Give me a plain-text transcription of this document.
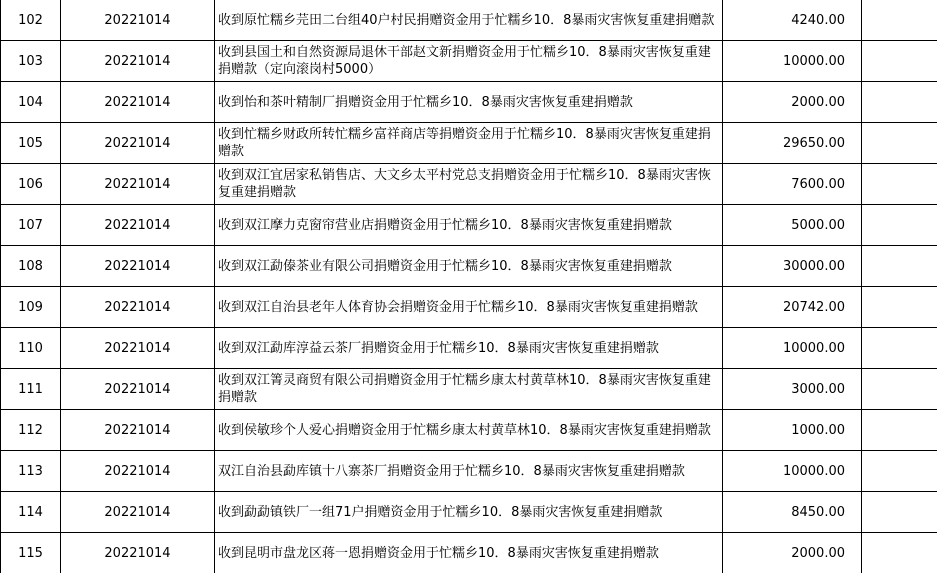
102	20221014	收到原忙糯乡芫田二台组40户村民捐赠资金用于忙糯乡10．8暴雨灾害恢复重建捐赠款	4240.00	
103	20221014	收到县国土和自然资源局退休干部赵文新捐赠资金用于忙糯乡10．8暴雨灾害恢复重建捐赠款（定向滚岗村5000）	10000.00	
104	20221014	收到怡和茶叶精制厂捐赠资金用于忙糯乡10．8暴雨灾害恢复重建捐赠款	2000.00	
105	20221014	收到忙糯乡财政所转忙糯乡富祥商店等捐赠资金用于忙糯乡10．8暴雨灾害恢复重建捐赠款	29650.00	
106	20221014	收到双江宜居家私销售店、大文乡太平村党总支捐赠资金用于忙糯乡10．8暴雨灾害恢复重建捐赠款	7600.00	
107	20221014	收到双江摩力克窗帘营业店捐赠资金用于忙糯乡10．8暴雨灾害恢复重建捐赠款	5000.00	
108	20221014	收到双江勐傣茶业有限公司捐赠资金用于忙糯乡10．8暴雨灾害恢复重建捐赠款	30000.00	
109	20221014	收到双江自治县老年人体育协会捐赠资金用于忙糯乡10．8暴雨灾害恢复重建捐赠款	20742.00	
110	20221014	收到双江勐库淳益云茶厂捐赠资金用于忙糯乡10．8暴雨灾害恢复重建捐赠款	10000.00	
111	20221014	收到双江箐灵商贸有限公司捐赠资金用于忙糯乡康太村黄草林10．8暴雨灾害恢复重建捐赠款	3000.00	
112	20221014	收到侯敏珍个人爱心捐赠资金用于忙糯乡康太村黄草林10．8暴雨灾害恢复重建捐赠款	1000.00	
113	20221014	双江自治县勐库镇十八寨茶厂捐赠资金用于忙糯乡10．8暴雨灾害恢复重建捐赠款	10000.00	
114	20221014	收到勐勐镇铁厂一组71户捐赠资金用于忙糯乡10．8暴雨灾害恢复重建捐赠款	8450.00	
115	20221014	收到昆明市盘龙区蒋一恩捐赠资金用于忙糯乡10．8暴雨灾害恢复重建捐赠款	2000.00	
